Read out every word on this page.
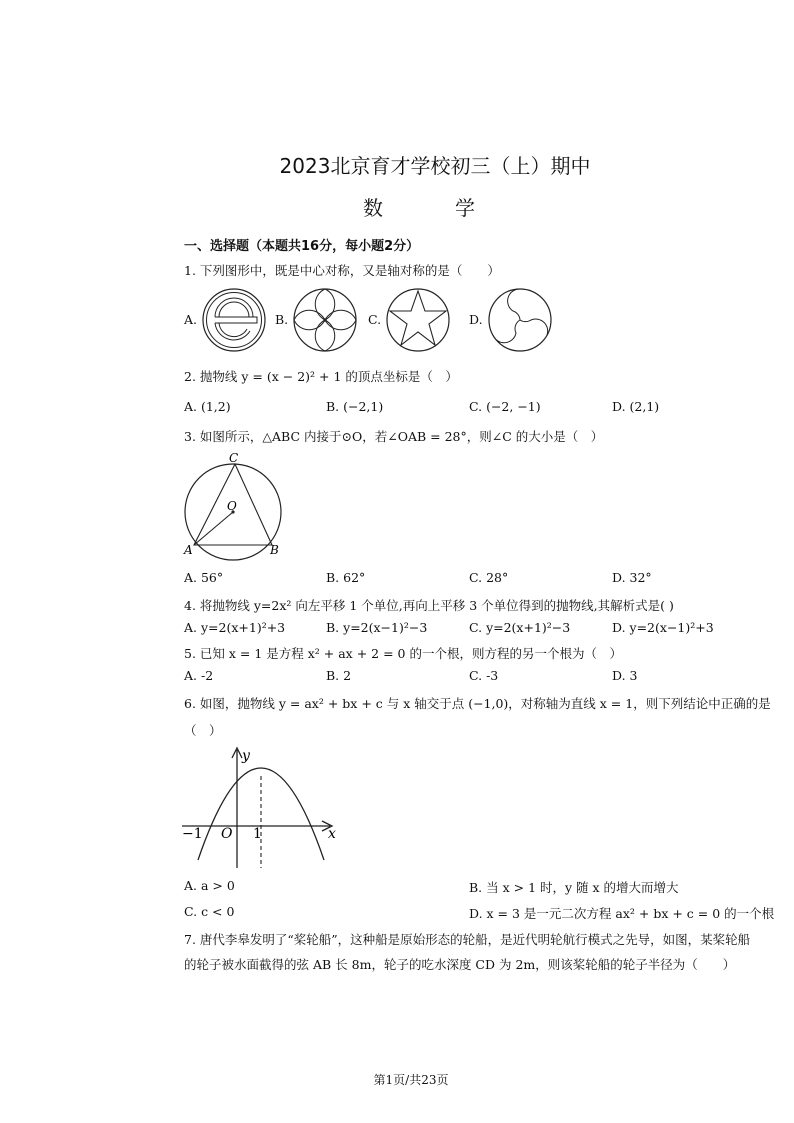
2023北京育才学校初三（上）期中
数　学
一、选择题（本题共16分，每小题2分）
1. 下列图形中，既是中心对称，又是轴对称的是（　　）
A.	B.	C.	D.
2. 抛物线 y = (x − 2)² + 1 的顶点坐标是（　）
A. (1,2)	B. (−2,1)	C. (−2, −1)	D. (2,1)
3. 如图所示，△ABC 内接于⊙O，若∠OAB = 28°，则∠C 的大小是（　）
C
O
A	B
A. 56°	B. 62°	C. 28°	D. 32°
4. 将抛物线 y=2x² 向左平移 1 个单位,再向上平移 3 个单位得到的抛物线,其解析式是( )
A. y=2(x+1)²+3	B. y=2(x−1)²−3	C. y=2(x+1)²−3	D. y=2(x−1)²+3
5. 已知 x = 1 是方程 x² + ax + 2 = 0 的一个根，则方程的另一个根为（　）
A. -2	B. 2	C. -3	D. 3
6. 如图，抛物线 y = ax² + bx + c 与 x 轴交于点 (−1,0)，对称轴为直线 x = 1，则下列结论中正确的是
（　）
y
x
−1 O 1
A. a > 0	B. 当 x > 1 时，y 随 x 的增大而增大
C. c < 0	D. x = 3 是一元二次方程 ax² + bx + c = 0 的一个根
7. 唐代李皋发明了“桨轮船”，这种船是原始形态的轮船，是近代明轮航行模式之先导，如图，某桨轮船
的轮子被水面截得的弦 AB 长 8m，轮子的吃水深度 CD 为 2m，则该桨轮船的轮子半径为（　　）
第1页/共23页
